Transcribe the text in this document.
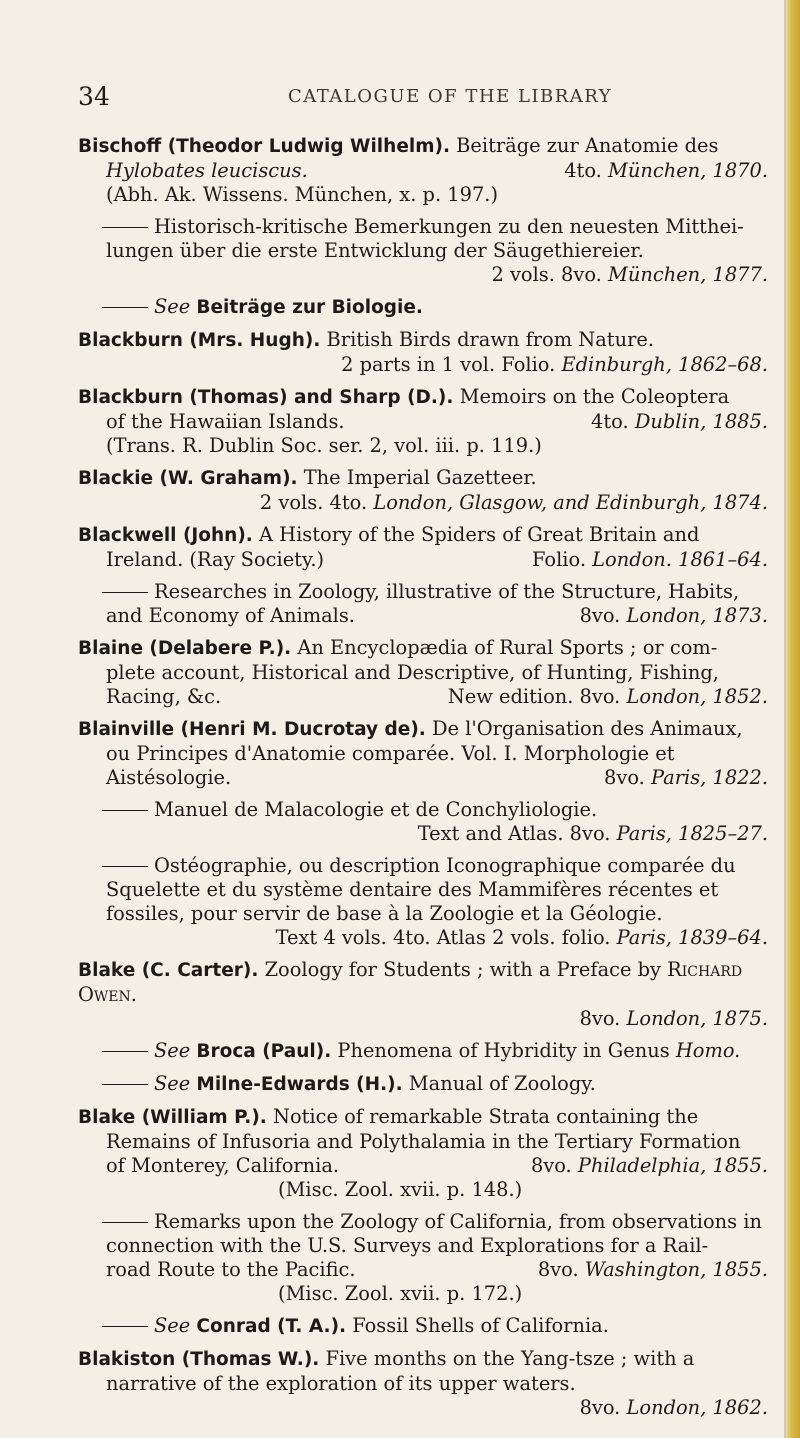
34	CATALOGUE OF THE LIBRARY

Bischoff (Theodor Ludwig Wilhelm). Beiträge zur Anatomie des

Hylobates leuciscus.	4to. München, 1870.

(Abh. Ak. Wissens. München, x. p. 197.)

Historisch-kritische Bemerkungen zu den neuesten Mitthei-

lungen über die erste Entwicklung der Säugethiereier.

2 vols. 8vo. München, 1877.

See Beiträge zur Biologie.

Blackburn (Mrs. Hugh). British Birds drawn from Nature.

2 parts in 1 vol. Folio. Edinburgh, 1862–68.

Blackburn (Thomas) and Sharp (D.). Memoirs on the Coleoptera

of the Hawaiian Islands.	4to. Dublin, 1885.

(Trans. R. Dublin Soc. ser. 2, vol. iii. p. 119.)

Blackie (W. Graham). The Imperial Gazetteer.

2 vols. 4to. London, Glasgow, and Edinburgh, 1874.

Blackwell (John). A History of the Spiders of Great Britain and

Ireland. (Ray Society.)	Folio. London. 1861–64.

Researches in Zoology, illustrative of the Structure, Habits,

and Economy of Animals.	8vo. London, 1873.

Blaine (Delabere P.). An Encyclopædia of Rural Sports ; or com-

plete account, Historical and Descriptive, of Hunting, Fishing,

Racing, &c.	New edition. 8vo. London, 1852.

Blainville (Henri M. Ducrotay de). De l'Organisation des Animaux,

ou Principes d'Anatomie comparée. Vol. I. Morphologie et

Aistésologie.	8vo. Paris, 1822.

Manuel de Malacologie et de Conchyliologie.

Text and Atlas. 8vo. Paris, 1825–27.

Ostéographie, ou description Iconographique comparée du

Squelette et du système dentaire des Mammifères récentes et

fossiles, pour servir de base à la Zoologie et la Géologie.

Text 4 vols. 4to. Atlas 2 vols. folio. Paris, 1839–64.

Blake (C. Carter). Zoology for Students ; with a Preface by Richard Owen.

8vo. London, 1875.

See Broca (Paul). Phenomena of Hybridity in Genus Homo.

See Milne-Edwards (H.). Manual of Zoology.

Blake (William P.). Notice of remarkable Strata containing the

Remains of Infusoria and Polythalamia in the Tertiary Formation

of Monterey, California.	8vo. Philadelphia, 1855.

(Misc. Zool. xvii. p. 148.)

Remarks upon the Zoology of California, from observations in

connection with the U.S. Surveys and Explorations for a Rail-

road Route to the Pacific.	8vo. Washington, 1855.

(Misc. Zool. xvii. p. 172.)

See Conrad (T. A.). Fossil Shells of California.

Blakiston (Thomas W.). Five months on the Yang-tsze ; with a

narrative of the exploration of its upper waters.

8vo. London, 1862.
